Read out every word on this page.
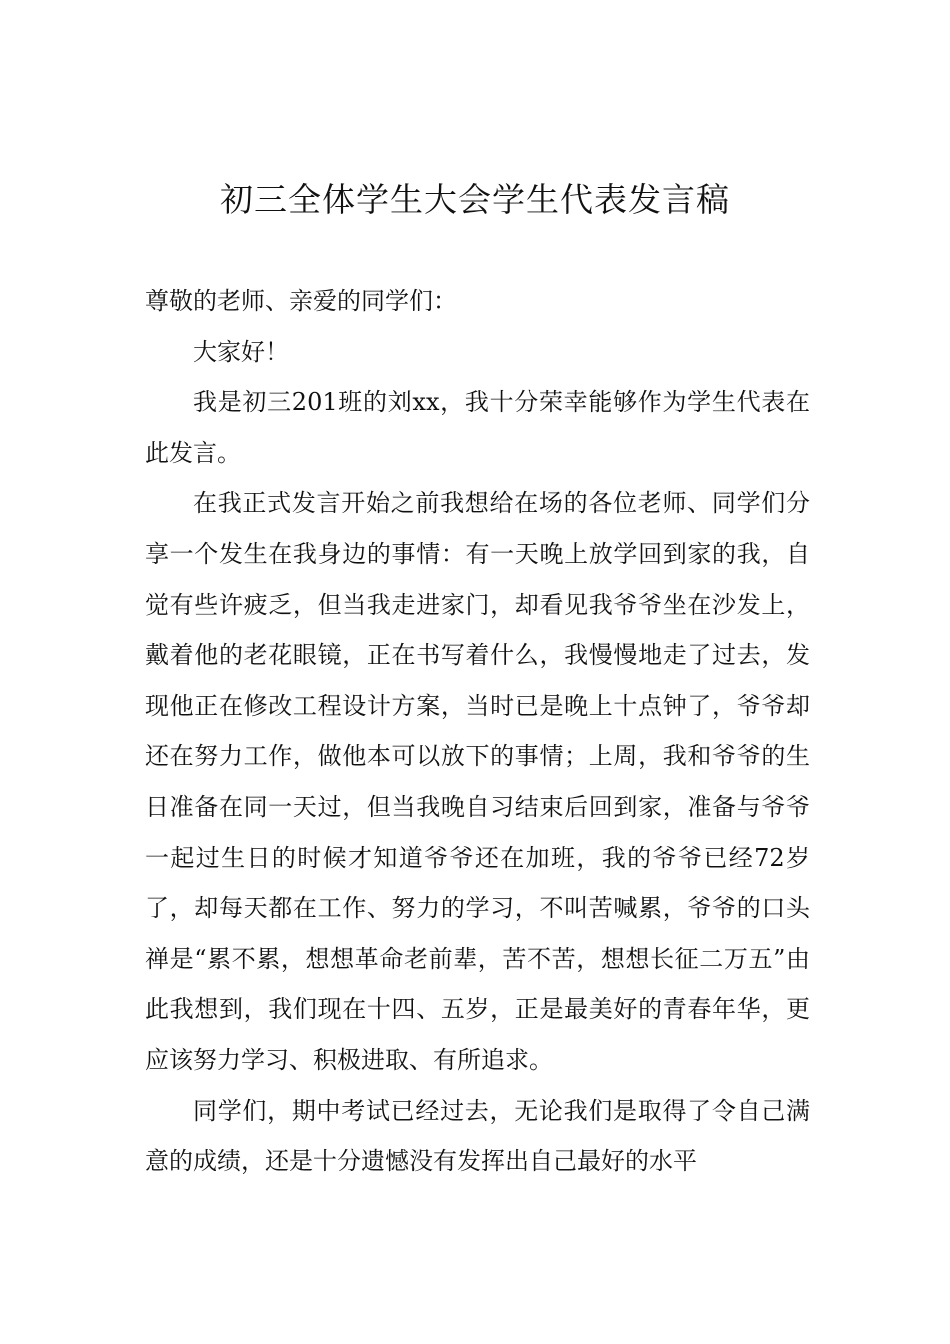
初三全体学生大会学生代表发言稿

尊敬的老师、亲爱的同学们：

大家好！

我是初三201班的刘xx，我十分荣幸能够作为学生代表在此发言。

在我正式发言开始之前我想给在场的各位老师、同学们分享一个发生在我身边的事情：有一天晚上放学回到家的我，自觉有些许疲乏，但当我走进家门，却看见我爷爷坐在沙发上，戴着他的老花眼镜，正在书写着什么，我慢慢地走了过去，发现他正在修改工程设计方案，当时已是晚上十点钟了，爷爷却还在努力工作，做他本可以放下的事情；上周，我和爷爷的生日准备在同一天过，但当我晚自习结束后回到家，准备与爷爷一起过生日的时候才知道爷爷还在加班，我的爷爷已经72岁了，却每天都在工作、努力的学习，不叫苦喊累，爷爷的口头禅是“累不累，想想革命老前辈，苦不苦，想想长征二万五”由此我想到，我们现在十四、五岁，正是最美好的青春年华，更应该努力学习、积极进取、有所追求。

同学们，期中考试已经过去，无论我们是取得了令自己满意的成绩，还是十分遗憾没有发挥出自己最好的水平
